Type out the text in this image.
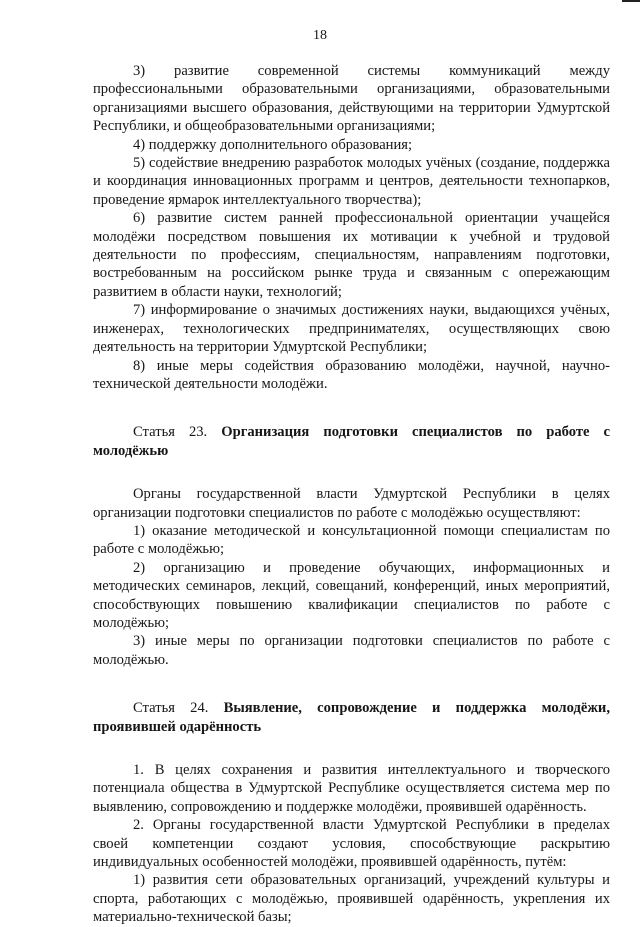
18

3) развитие современной системы коммуникаций между профессиональными образовательными организациями, образовательными организациями высшего образования, действующими на территории Удмуртской Республики, и общеобразовательными организациями;

4) поддержку дополнительного образования;

5) содействие внедрению разработок молодых учёных (создание, поддержка и координация инновационных программ и центров, деятельности технопарков, проведение ярмарок интеллектуального творчества);

6) развитие систем ранней профессиональной ориентации учащейся молодёжи посредством повышения их мотивации к учебной и трудовой деятельности по профессиям, специальностям, направлениям подготовки, востребованным на российском рынке труда и связанным с опережающим развитием в области науки, технологий;

7) информирование о значимых достижениях науки, выдающихся учёных, инженерах, технологических предпринимателях, осуществляющих свою деятельность на территории Удмуртской Республики;

8) иные меры содействия образованию молодёжи, научной, научно-технической деятельности молодёжи.

Статья 23. Организация подготовки специалистов по работе с молодёжью

Органы государственной власти Удмуртской Республики в целях организации подготовки специалистов по работе с молодёжью осуществляют:

1) оказание методической и консультационной помощи специалистам по работе с молодёжью;

2) организацию и проведение обучающих, информационных и методических семинаров, лекций, совещаний, конференций, иных мероприятий, способствующих повышению квалификации специалистов по работе с молодёжью;

3) иные меры по организации подготовки специалистов по работе с молодёжью.

Статья 24. Выявление, сопровождение и поддержка молодёжи, проявившей одарённость

1. В целях сохранения и развития интеллектуального и творческого потенциала общества в Удмуртской Республике осуществляется система мер по выявлению, сопровождению и поддержке молодёжи, проявившей одарённость.

2. Органы государственной власти Удмуртской Республики в пределах своей компетенции создают условия, способствующие раскрытию индивидуальных особенностей молодёжи, проявившей одарённость, путём:

1) развития сети образовательных организаций, учреждений культуры и спорта, работающих с молодёжью, проявившей одарённость, укрепления их материально-технической базы;
